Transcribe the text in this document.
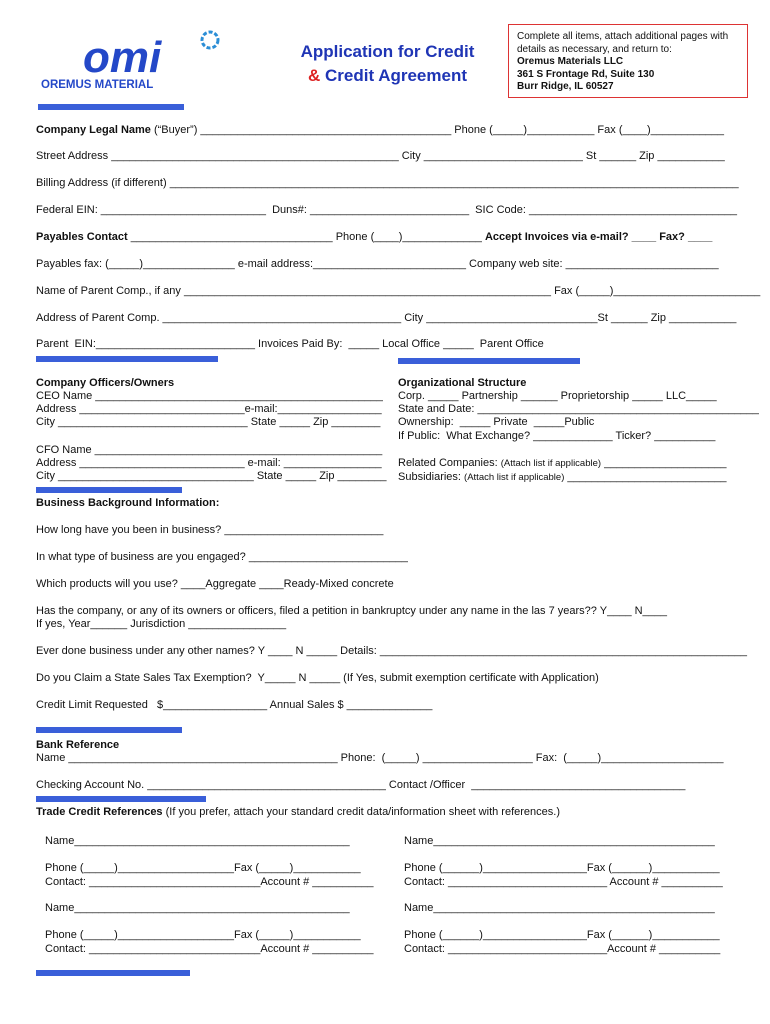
omi
OREMUS MATERIAL
Application for Credit
& Credit Agreement
Complete all items, attach additional pages with
details as necessary, and return to:
Oremus Materials LLC
361 S Frontage Rd, Suite 130
Burr Ridge, IL 60527
Company Legal Name (“Buyer”) _________________________________________ Phone (_____)___________ Fax (____)____________
Street Address _______________________________________________ City __________________________ St ______ Zip ___________
Billing Address (if different) _____________________________________________________________________________________________
Federal EIN: ___________________________  Duns#: __________________________  SIC Code: __________________________________
Payables Contact _________________________________ Phone (____)_____________ Accept Invoices via e-mail? ____ Fax? ____
Payables fax: (_____)_______________ e-mail address:_________________________ Company web site: _________________________
Name of Parent Comp., if any ____________________________________________________________ Fax (_____)________________________
Address of Parent Comp. _______________________________________ City ____________________________St ______ Zip ___________
Parent  EIN:__________________________ Invoices Paid By:  _____ Local Office _____  Parent Office
Company Officers/Owners
CEO Name _______________________________________________
Address ___________________________e-mail:_________________
City _______________________________ State _____ Zip ________
CFO Name _______________________________________________
Address ___________________________ e-mail: ________________
City ________________________________ State _____ Zip ________
Organizational Structure
Corp. _____ Partnership ______ Proprietorship _____ LLC_____
State and Date: ______________________________________________
Ownership:  _____ Private  _____Public
If Public:  What Exchange? _____________ Ticker? __________
Related Companies: (Attach list if applicable) ____________________
Subsidiaries: (Attach list if applicable) __________________________
Business Background Information:
How long have you been in business? __________________________
In what type of business are you engaged? __________________________
Which products will you use? ____Aggregate ____Ready-Mixed concrete
Has the company, or any of its owners or officers, filed a petition in bankruptcy under any name in the las 7 years?? Y____ N____
If yes, Year______ Jurisdiction ________________
Ever done business under any other names? Y ____ N _____ Details: ____________________________________________________________
Do you Claim a State Sales Tax Exemption?  Y_____ N _____ (If Yes, submit exemption certificate with Application)
Credit Limit Requested   $_________________ Annual Sales $ ______________
Bank Reference
Name ____________________________________________ Phone:  (_____) __________________ Fax:  (_____)____________________
Checking Account No. _______________________________________ Contact /Officer  ___________________________________
Trade Credit References (If you prefer, attach your standard credit data/information sheet with references.)
Name_____________________________________________	Name______________________________________________
Phone (_____)___________________Fax (_____)___________	Phone (______)_________________Fax (______)___________
Contact: ____________________________Account # __________	Contact: __________________________ Account # __________
Name_____________________________________________	Name______________________________________________
Phone (_____)___________________Fax (_____)___________	Phone (______)_________________Fax (______)___________
Contact: ____________________________Account # __________	Contact: __________________________Account # __________
